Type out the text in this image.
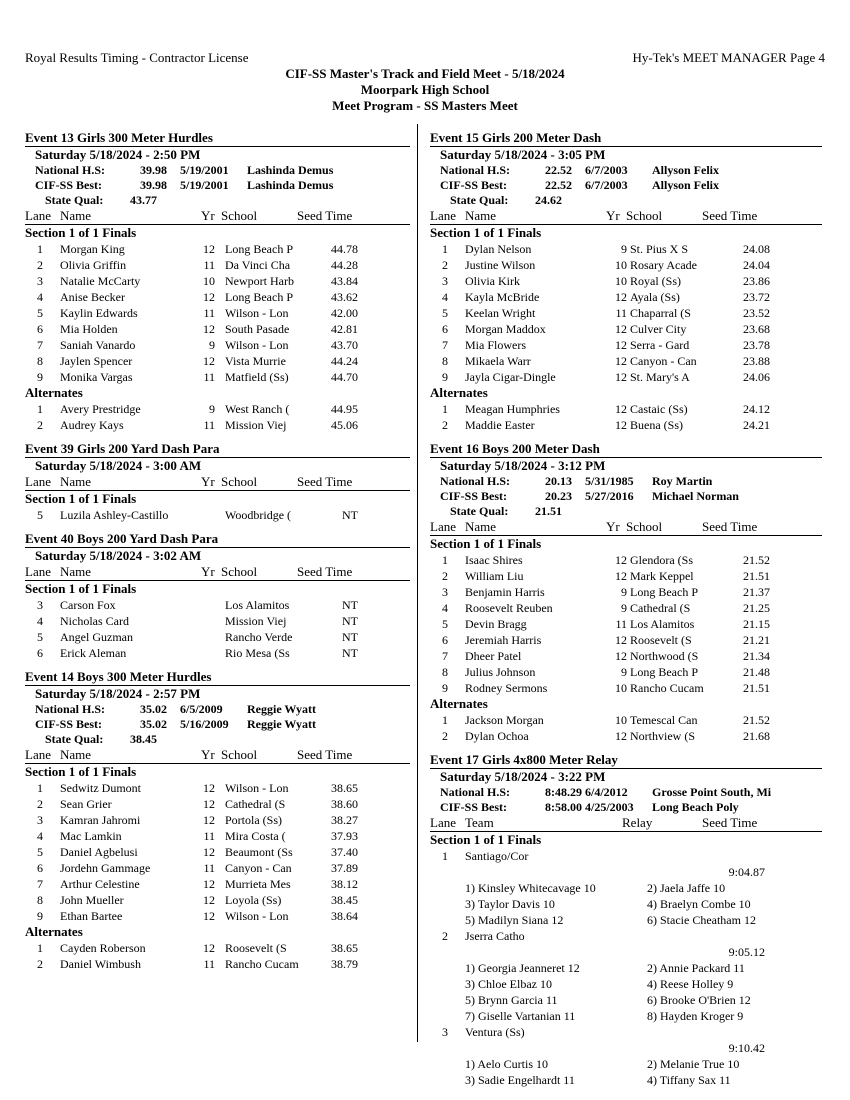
Royal Results Timing - Contractor License	Hy-Tek's MEET MANAGER Page 4
CIF-SS Master's Track and Field Meet - 5/18/2024
Moorpark High School
Meet Program - SS Masters Meet
Event 13 Girls 300 Meter Hurdles
Saturday 5/18/2024 - 2:50 PM
National H.S:	39.98 5/19/2001 Lashinda Demus
CIF-SS Best:	39.98 5/19/2001 Lashinda Demus
State Qual: 43.77
Lane Name	Yr School	Seed Time
Section 1 of 1 Finals
1 Morgan King	12 Long Beach P	44.78
2 Olivia Griffin	11 Da Vinci Cha	44.28
3 Natalie McCarty	10 Newport Harb	43.84
4 Anise Becker	12 Long Beach P	43.62
5 Kaylin Edwards	11 Wilson - Lon	42.00
6 Mia Holden	12 South Pasade	42.81
7 Saniah Vanardo	9 Wilson - Lon	43.70
8 Jaylen Spencer	12 Vista Murrie	44.24
9 Monika Vargas	11 Matfield (Ss)	44.70
Alternates
1 Avery Prestridge	9 West Ranch (	44.95
2 Audrey Kays	11 Mission Viej	45.06
Event 39 Girls 200 Yard Dash Para
Saturday 5/18/2024 - 3:00 AM
Lane Name	Yr School	Seed Time
Section 1 of 1 Finals
5 Luzila Ashley-Castillo	Woodbridge (	NT
Event 40 Boys 200 Yard Dash Para
Saturday 5/18/2024 - 3:02 AM
Lane Name	Yr School	Seed Time
Section 1 of 1 Finals
3 Carson Fox	Los Alamitos	NT
4 Nicholas Card	Mission Viej	NT
5 Angel Guzman	Rancho Verde	NT
6 Erick Aleman	Rio Mesa (Ss	NT
Event 14 Boys 300 Meter Hurdles
Saturday 5/18/2024 - 2:57 PM
National H.S:	35.02 6/5/2009 Reggie Wyatt
CIF-SS Best:	35.02 5/16/2009 Reggie Wyatt
State Qual: 38.45
Lane Name	Yr School	Seed Time
Section 1 of 1 Finals
1 Sedwitz Dumont	12 Wilson - Lon	38.65
2 Sean Grier	12 Cathedral (S	38.60
3 Kamran Jahromi	12 Portola (Ss)	38.27
4 Mac Lamkin	11 Mira Costa (	37.93
5 Daniel Agbelusi	12 Beaumont (Ss	37.40
6 Jordehn Gammage	11 Canyon - Can	37.89
7 Arthur Celestine	12 Murrieta Mes	38.12
8 John Mueller	12 Loyola (Ss)	38.45
9 Ethan Bartee	12 Wilson - Lon	38.64
Alternates
1 Cayden Roberson	12 Roosevelt (S	38.65
2 Daniel Wimbush	11 Rancho Cucam	38.79
Event 15 Girls 200 Meter Dash
Saturday 5/18/2024 - 3:05 PM
National H.S:	22.52 6/7/2003 Allyson Felix
CIF-SS Best:	22.52 6/7/2003 Allyson Felix
State Qual: 24.62
Lane Name	Yr School	Seed Time
Section 1 of 1 Finals
1 Dylan Nelson	9 St. Pius X S	24.08
2 Justine Wilson	10 Rosary Acade	24.04
3 Olivia Kirk	10 Royal (Ss)	23.86
4 Kayla McBride	12 Ayala (Ss)	23.72
5 Keelan Wright	11 Chaparral (S	23.52
6 Morgan Maddox	12 Culver City	23.68
7 Mia Flowers	12 Serra - Gard	23.78
8 Mikaela Warr	12 Canyon - Can	23.88
9 Jayla Cigar-Dingle	12 St. Mary's A	24.06
Alternates
1 Meagan Humphries	12 Castaic (Ss)	24.12
2 Maddie Easter	12 Buena (Ss)	24.21
Event 16 Boys 200 Meter Dash
Saturday 5/18/2024 - 3:12 PM
National H.S:	20.13 5/31/1985 Roy Martin
CIF-SS Best:	20.23 5/27/2016 Michael Norman
State Qual: 21.51
Lane Name	Yr School	Seed Time
Section 1 of 1 Finals
1 Isaac Shires	12 Glendora (Ss	21.52
2 William Liu	12 Mark Keppel	21.51
3 Benjamin Harris	9 Long Beach P	21.37
4 Roosevelt Reuben	9 Cathedral (S	21.25
5 Devin Bragg	11 Los Alamitos	21.15
6 Jeremiah Harris	12 Roosevelt (S	21.21
7 Dheer Patel	12 Northwood (S	21.34
8 Julius Johnson	9 Long Beach P	21.48
9 Rodney Sermons	10 Rancho Cucam	21.51
Alternates
1 Jackson Morgan	10 Temescal Can	21.52
2 Dylan Ochoa	12 Northview (S	21.68
Event 17 Girls 4x800 Meter Relay
Saturday 5/18/2024 - 3:22 PM
National H.S:	8:48.29 6/4/2012 Grosse Point South, Mi
CIF-SS Best:	8:58.00 4/25/2003 Long Beach Poly
Lane Team	Relay	Seed Time
Section 1 of 1 Finals
1 Santiago/Cor
9:04.87
1) Kinsley Whitecavage 10	2) Jaela Jaffe 10
3) Taylor Davis 10	4) Braelyn Combe 10
5) Madilyn Siana 12	6) Stacie Cheatham 12
2 Jserra Catho
9:05.12
1) Georgia Jeanneret 12	2) Annie Packard 11
3) Chloe Elbaz 10	4) Reese Holley 9
5) Brynn Garcia 11	6) Brooke O'Brien 12
7) Giselle Vartanian 11	8) Hayden Kroger 9
3 Ventura (Ss)
9:10.42
1) Aelo Curtis 10	2) Melanie True 10
3) Sadie Engelhardt 11	4) Tiffany Sax 11
